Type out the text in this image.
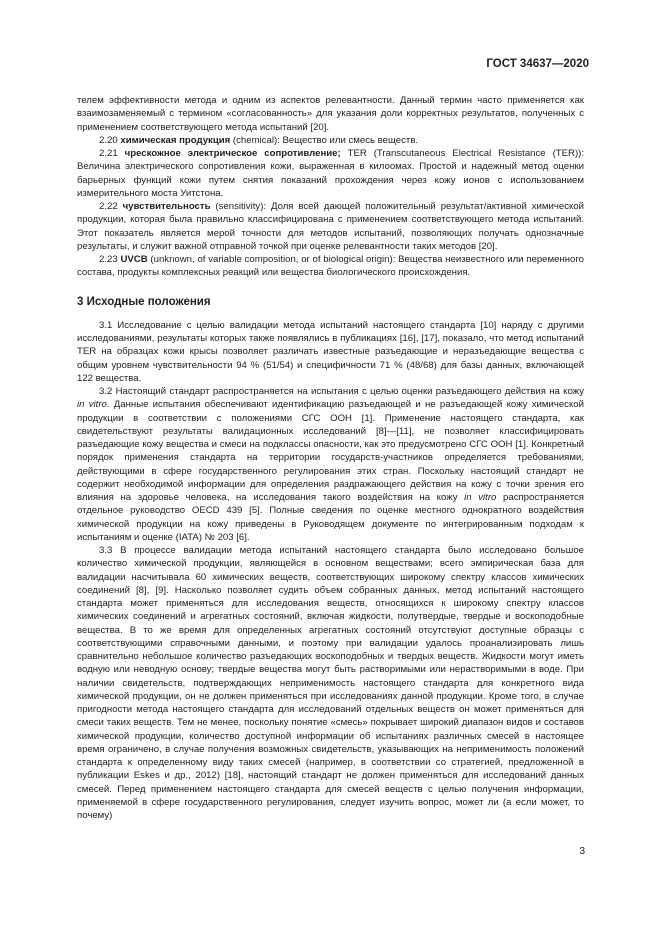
ГОСТ 34637—2020

телем эффективности метода и одним из аспектов релевантности. Данный термин часто применяется как взаимозаменяемый с термином «согласованность» для указания доли корректных результатов, полученных с применением соответствующего метода испытаний [20].

2.20 химическая продукция (chemical): Вещество или смесь веществ.

2.21 чрескожное электрическое сопротивление; TER (Transcutaneous Electrical Resistance (TER)): Величина электрического сопротивления кожи, выраженная в килоомах. Простой и надежный метод оценки барьерных функций кожи путем снятия показаний прохождения через кожу ионов с использованием измерительного моста Уитстона.

2.22 чувствительность (sensitivity): Доля всей дающей положительный результат/активной химической продукции, которая была правильно классифицирована с применением соответствующего метода испытаний. Этот показатель является мерой точности для методов испытаний, позволяющих получать однозначные результаты, и служит важной отправной точкой при оценке релевантности таких методов [20].

2.23 UVCB (unknown, of variable composition, or of biological origin): Вещества неизвестного или переменного состава, продукты комплексных реакций или вещества биологического происхождения.

3 Исходные положения

3.1 Исследование с целью валидации метода испытаний настоящего стандарта [10] наряду с другими исследованиями, результаты которых также появлялись в публикациях [16], [17], показало, что метод испытаний TER на образцах кожи крысы позволяет различать известные разъедающие и неразъедающие вещества с общим уровнем чувствительности 94 % (51/54) и специфичности 71 % (48/68) для базы данных, включающей 122 вещества.

3.2 Настоящий стандарт распространяется на испытания с целью оценки разъедающего действия на кожу in vitro. Данные испытания обеспечивают идентификацию разъедающей и не разъедающей кожу химической продукции в соответствии с положениями СГС ООН [1]. Применение настоящего стандарта, как свидетельствуют результаты валидационных исследований [8]—[11], не позволяет классифицировать разъедающие кожу вещества и смеси на подклассы опасности, как это предусмотрено СГС ООН [1]. Конкретный порядок применения стандарта на территории государств-участников определяется требованиями, действующими в сфере государственного регулирования этих стран. Поскольку настоящий стандарт не содержит необходимой информации для определения раздражающего действия на кожу с точки зрения его влияния на здоровье человека, на исследования такого воздействия на кожу in vitro распространяется отдельное руководство OECD 439 [5]. Полные сведения по оценке местного однократного воздействия химической продукции на кожу приведены в Руководящем документе по интегрированным подходам к испытаниям и оценке (IATA) № 203 [6].

3.3 В процессе валидации метода испытаний настоящего стандарта было исследовано большое количество химической продукции, являющейся в основном веществами; всего эмпирическая база для валидации насчитывала 60 химических веществ, соответствующих широкому спектру классов химических соединений [8], [9]. Насколько позволяет судить объем собранных данных, метод испытаний настоящего стандарта может применяться для исследования веществ, относящихся к широкому спектру классов химических соединений и агрегатных состояний, включая жидкости, полутвердые, твердые и воскоподобные вещества. В то же время для определенных агрегатных состояний отсутствуют доступные образцы с соответствующими справочными данными, и поэтому при валидации удалось проанализировать лишь сравнительно небольшое количество разъедающих воскоподобных и твердых веществ. Жидкости могут иметь водную или неводную основу; твердые вещества могут быть растворимыми или нерастворимыми в воде. При наличии свидетельств, подтверждающих неприменимость настоящего стандарта для конкретного вида химической продукции, он не должен применяться при исследованиях данной продукции. Кроме того, в случае пригодности метода настоящего стандарта для исследований отдельных веществ он может применяться для смеси таких веществ. Тем не менее, поскольку понятие «смесь» покрывает широкий диапазон видов и составов химической продукции, количество доступной информации об испытаниях различных смесей в настоящее время ограничено, в случае получения возможных свидетельств, указывающих на неприменимость положений стандарта к определенному виду таких смесей (например, в соответствии со стратегией, предложенной в публикации Eskes и др., 2012) [18], настоящий стандарт не должен применяться для исследований данных смесей. Перед применением настоящего стандарта для смесей веществ с целью получения информации, применяемой в сфере государственного регулирования, следует изучить вопрос, может ли (а если может, то почему)

3
